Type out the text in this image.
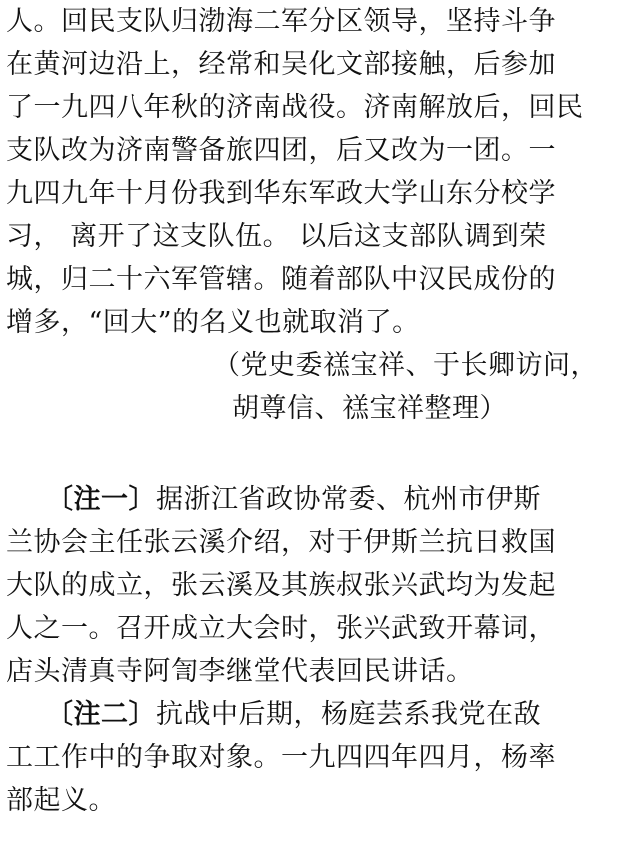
人。回民支队归渤海二军分区领导，坚持斗争
在黄河边沿上，经常和吴化文部接触，后参加
了一九四八年秋的济南战役。济南解放后，回民
支队改为济南警备旅四团，后又改为一团。一
九四九年十月份我到华东军政大学山东分校学
习， 离开了这支队伍。 以后这支部队调到荣
城，归二十六军管辖。随着部队中汉民成份的
增多，“回大”的名义也就取消了。
（党史委禚宝祥、于长卿访问，
胡尊信、禚宝祥整理）
〔注一〕据浙江省政协常委、杭州市伊斯
兰协会主任张云溪介绍，对于伊斯兰抗日救国
大队的成立，张云溪及其族叔张兴武均为发起
人之一。召开成立大会时，张兴武致开幕词，
店头清真寺阿訇李继堂代表回民讲话。
〔注二〕抗战中后期，杨庭芸系我党在敌
工工作中的争取对象。一九四四年四月，杨率
部起义。
